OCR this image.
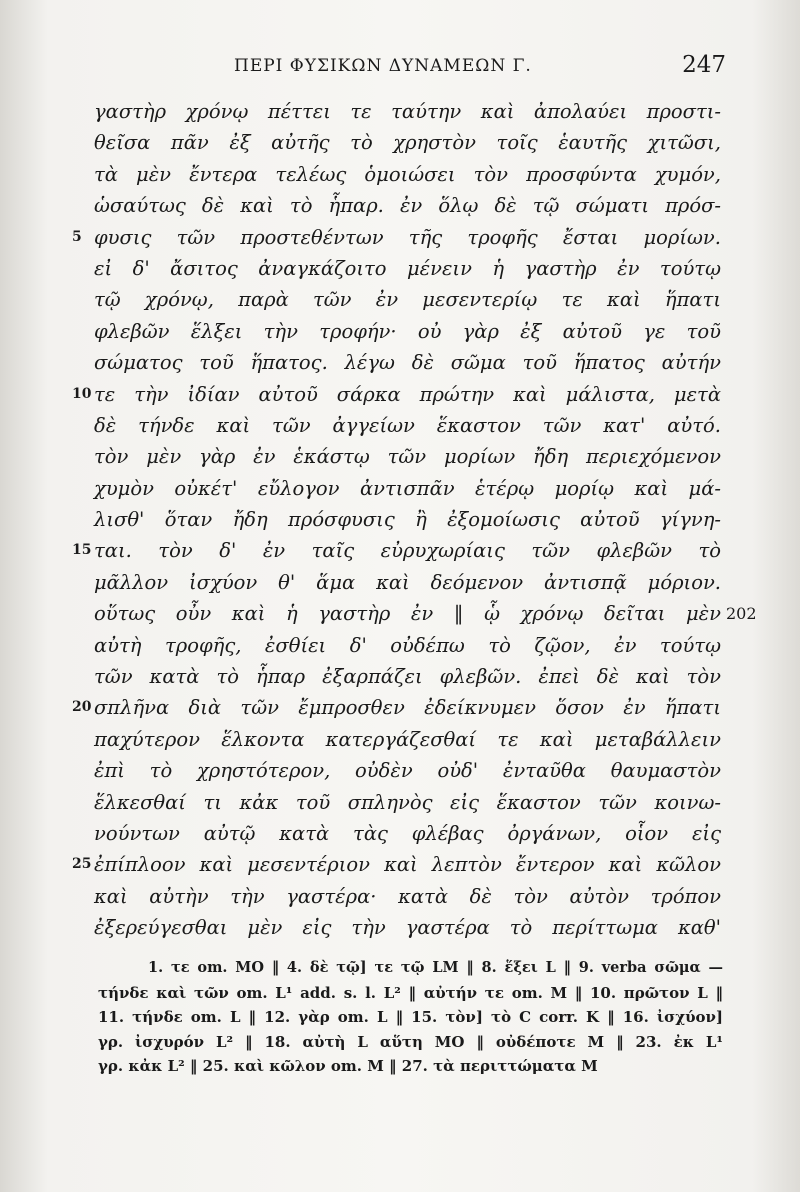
ΠΕΡΙ ΦΥΣΙΚΩΝ ΔΥΝΑΜΕΩΝ Γ.	247
γαστὴρ χρόνῳ πέττει τε ταύτην καὶ ἀπολαύει προστι-
θεῖσα πᾶν ἐξ αὐτῆς τὸ χρηστὸν τοῖς ἑαυτῆς χιτῶσι,
τὰ μὲν ἔντερα τελέως ὁμοιώσει τὸν προσφύντα χυμόν,
ὡσαύτως δὲ καὶ τὸ ἧπαρ. ἐν ὅλῳ δὲ τῷ σώματι πρόσ-
5 φυσις τῶν προστεθέντων τῆς τροφῆς ἔσται μορίων.
εἰ δ' ἄσιτος ἀναγκάζοιτο μένειν ἡ γαστὴρ ἐν τούτῳ
τῷ χρόνῳ, παρὰ τῶν ἐν μεσεντερίῳ τε καὶ ἥπατι
φλεβῶν ἕλξει τὴν τροφήν· οὐ γὰρ ἐξ αὐτοῦ γε τοῦ
σώματος τοῦ ἥπατος. λέγω δὲ σῶμα τοῦ ἥπατος αὐτήν
10 τε τὴν ἰδίαν αὐτοῦ σάρκα πρώτην καὶ μάλιστα, μετὰ
δὲ τήνδε καὶ τῶν ἀγγείων ἕκαστον τῶν κατ' αὐτό.
τὸν μὲν γὰρ ἐν ἑκάστῳ τῶν μορίων ἤδη περιεχόμενον
χυμὸν οὐκέτ' εὔλογον ἀντισπᾶν ἑτέρῳ μορίῳ καὶ μά-
λισθ' ὅταν ἤδη πρόσφυσις ἢ ἐξομοίωσις αὐτοῦ γίγνη-
15 ται. τὸν δ' ἐν ταῖς εὐρυχωρίαις τῶν φλεβῶν τὸ
μᾶλλον ἰσχύον θ' ἅμα καὶ δεόμενον ἀντισπᾷ μόριον.
οὕτως οὖν καὶ ἡ γαστὴρ ἐν ‖ ᾧ χρόνῳ δεῖται μὲν 202
αὐτὴ τροφῆς, ἐσθίει δ' οὐδέπω τὸ ζῷον, ἐν τούτῳ
τῶν κατὰ τὸ ἧπαρ ἐξαρπάζει φλεβῶν. ἐπεὶ δὲ καὶ τὸν
20 σπλῆνα διὰ τῶν ἔμπροσθεν ἐδείκνυμεν ὅσον ἐν ἥπατι
παχύτερον ἕλκοντα κατεργάζεσθαί τε καὶ μεταβάλλειν
ἐπὶ τὸ χρηστότερον, οὐδὲν οὐδ' ἐνταῦθα θαυμαστὸν
ἕλκεσθαί τι κἀκ τοῦ σπληνὸς εἰς ἕκαστον τῶν κοινω-
νούντων αὐτῷ κατὰ τὰς φλέβας ὀργάνων, οἷον εἰς
25 ἐπίπλοον καὶ μεσεντέριον καὶ λεπτὸν ἔντερον καὶ κῶλον
καὶ αὐτὴν τὴν γαστέρα· κατὰ δὲ τὸν αὐτὸν τρόπον
ἐξερεύγεσθαι μὲν εἰς τὴν γαστέρα τὸ περίττωμα καθ'
1. τε om. MO ‖ 4. δὲ τῷ] τε τῷ LM ‖ 8. ἕξει L ‖ 9. verba σῶμα —τήνδε καὶ τῶν om. L¹ add. s. l. L² ‖ αὐτήν τε om. M ‖ 10. πρῶτον L ‖11. τήνδε om. L ‖ 12. γὰρ om. L ‖ 15. τὸν] τὸ C corr. K ‖ 16. ἰσχύον]γρ. ἰσχυρόν L² ‖ 18. αὐτὴ L αὕτη MO ‖ οὐδέποτε M ‖ 23. ἐκ L¹γρ. κἀκ L² ‖ 25. καὶ κῶλον om. M ‖ 27. τὰ περιττώματα M
